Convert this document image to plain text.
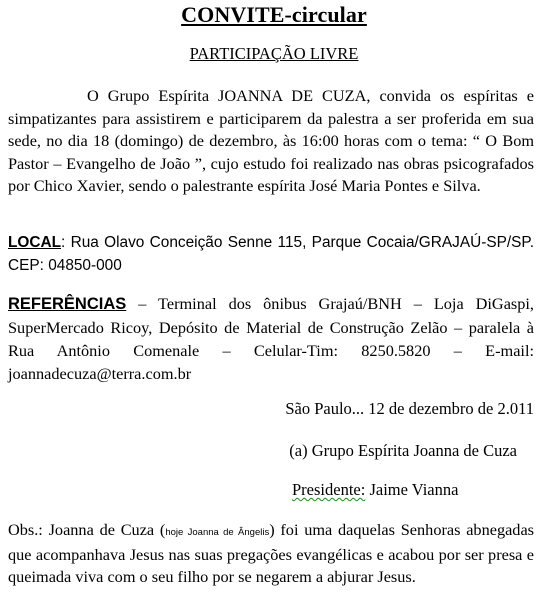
CONVITE-circular
PARTICIPAÇÃO LIVRE

O Grupo Espírita JOANNA DE CUZA, convida os espíritas e simpatizantes para assistirem e participarem da palestra a ser proferida em sua sede, no dia 18 (domingo) de dezembro, às 16:00 horas com o tema: “ O Bom Pastor – Evangelho de João ”, cujo estudo foi realizado nas obras psicografados por Chico Xavier, sendo o palestrante espírita José Maria Pontes e Silva.

LOCAL: Rua Olavo Conceição Senne 115, Parque Cocaia/GRAJAÚ-SP/SP. CEP: 04850-000

REFERÊNCIAS – Terminal dos ônibus Grajaú/BNH – Loja DiGaspi, SuperMercado Ricoy, Depósito de Material de Construção Zelão – paralela à Rua Antônio Comenale – Celular-Tim: 8250.5820 – E-mail: joannadecuza@terra.com.br

São Paulo... 12 de dezembro de 2.011
(a) Grupo Espírita Joanna de Cuza
Presidente: Jaime Vianna

Obs.: Joanna de Cuza (hoje Joanna de Ângelis) foi uma daquelas Senhoras abnegadas que acompanhava Jesus nas suas pregações evangélicas e acabou por ser presa e queimada viva com o seu filho por se negarem a abjurar Jesus.
